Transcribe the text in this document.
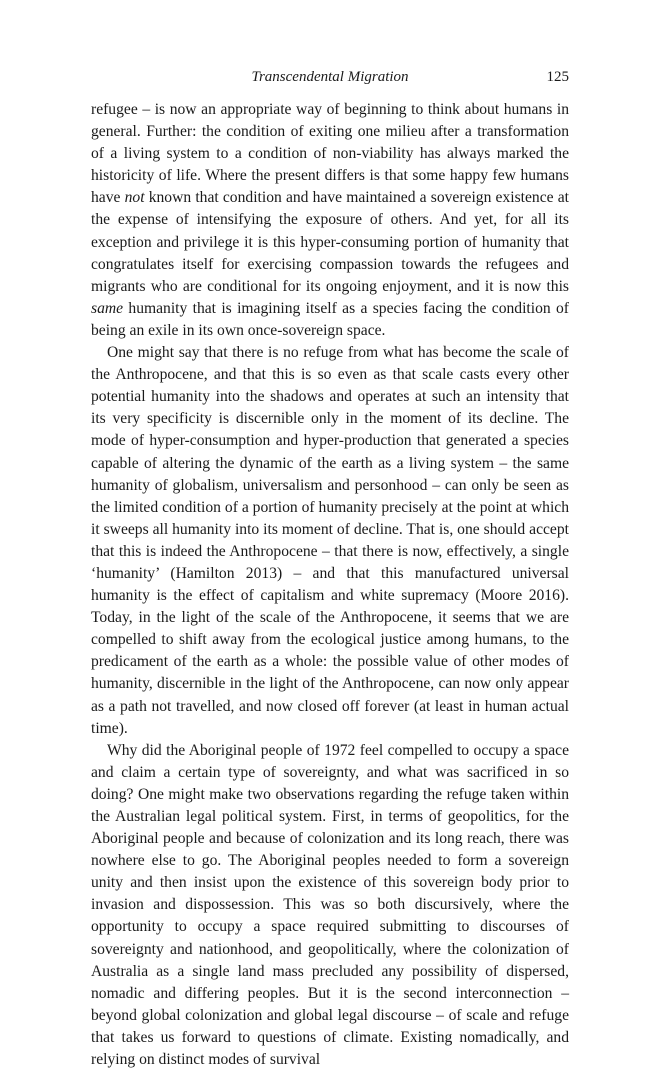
Transcendental Migration	125

refugee – is now an appropriate way of beginning to think about humans in general. Further: the condition of exiting one milieu after a transformation of a living system to a condition of non-viability has always marked the historicity of life. Where the present differs is that some happy few humans have not known that condition and have maintained a sovereign existence at the expense of intensifying the exposure of others. And yet, for all its exception and privilege it is this hyper-consuming portion of humanity that congratulates itself for exercising compassion towards the refugees and migrants who are conditional for its ongoing enjoyment, and it is now this same humanity that is imagining itself as a species facing the condition of being an exile in its own once-sovereign space.

One might say that there is no refuge from what has become the scale of the Anthropocene, and that this is so even as that scale casts every other potential humanity into the shadows and operates at such an intensity that its very specificity is discernible only in the moment of its decline. The mode of hyper-consumption and hyper-production that generated a species capable of altering the dynamic of the earth as a living system – the same humanity of globalism, universalism and personhood – can only be seen as the limited condition of a portion of humanity precisely at the point at which it sweeps all humanity into its moment of decline. That is, one should accept that this is indeed the Anthropocene – that there is now, effectively, a single ‘humanity’ (Hamilton 2013) – and that this manufactured universal humanity is the effect of capitalism and white supremacy (Moore 2016). Today, in the light of the scale of the Anthropocene, it seems that we are compelled to shift away from the ecological justice among humans, to the predicament of the earth as a whole: the possible value of other modes of humanity, discernible in the light of the Anthropocene, can now only appear as a path not travelled, and now closed off forever (at least in human actual time).

Why did the Aboriginal people of 1972 feel compelled to occupy a space and claim a certain type of sovereignty, and what was sacrificed in so doing? One might make two observations regarding the refuge taken within the Australian legal political system. First, in terms of geopolitics, for the Aboriginal people and because of colonization and its long reach, there was nowhere else to go. The Aboriginal peoples needed to form a sovereign unity and then insist upon the existence of this sovereign body prior to invasion and dispossession. This was so both discursively, where the opportunity to occupy a space required submitting to discourses of sovereignty and nationhood, and geopolitically, where the colonization of Australia as a single land mass precluded any possibility of dispersed, nomadic and differing peoples. But it is the second interconnection – beyond global colonization and global legal discourse – of scale and refuge that takes us forward to questions of climate. Existing nomadically, and relying on distinct modes of survival
